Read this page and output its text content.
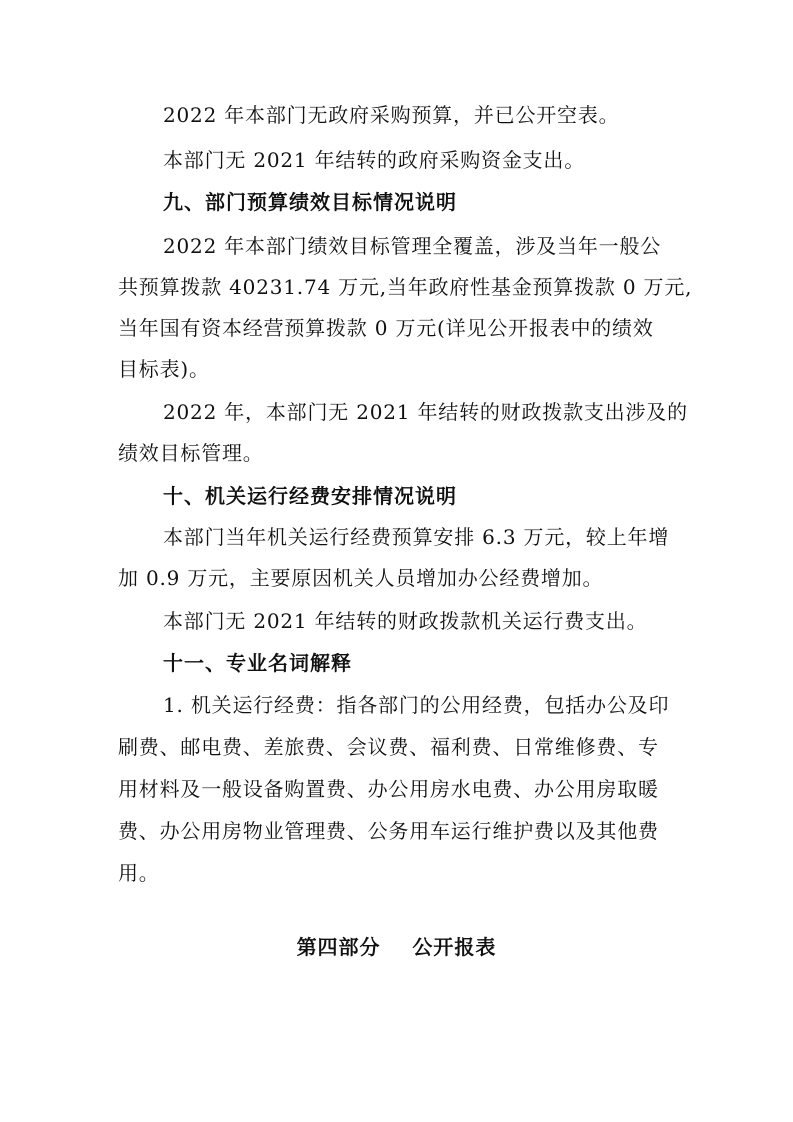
2022 年本部门无政府采购预算，并已公开空表。
本部门无 2021 年结转的政府采购资金支出。
九、部门预算绩效目标情况说明
2022 年本部门绩效目标管理全覆盖，涉及当年一般公
共预算拨款 40231.74 万元,当年政府性基金预算拨款 0 万元,
当年国有资本经营预算拨款 0 万元(详见公开报表中的绩效
目标表)。
2022 年，本部门无 2021 年结转的财政拨款支出涉及的
绩效目标管理。
十、机关运行经费安排情况说明
本部门当年机关运行经费预算安排 6.3 万元，较上年增
加 0.9 万元，主要原因机关人员增加办公经费增加。
本部门无 2021 年结转的财政拨款机关运行费支出。
十一、专业名词解释
1. 机关运行经费：指各部门的公用经费，包括办公及印
刷费、邮电费、差旅费、会议费、福利费、日常维修费、专
用材料及一般设备购置费、办公用房水电费、办公用房取暖
费、办公用房物业管理费、公务用车运行维护费以及其他费
用。
第四部分    公开报表
